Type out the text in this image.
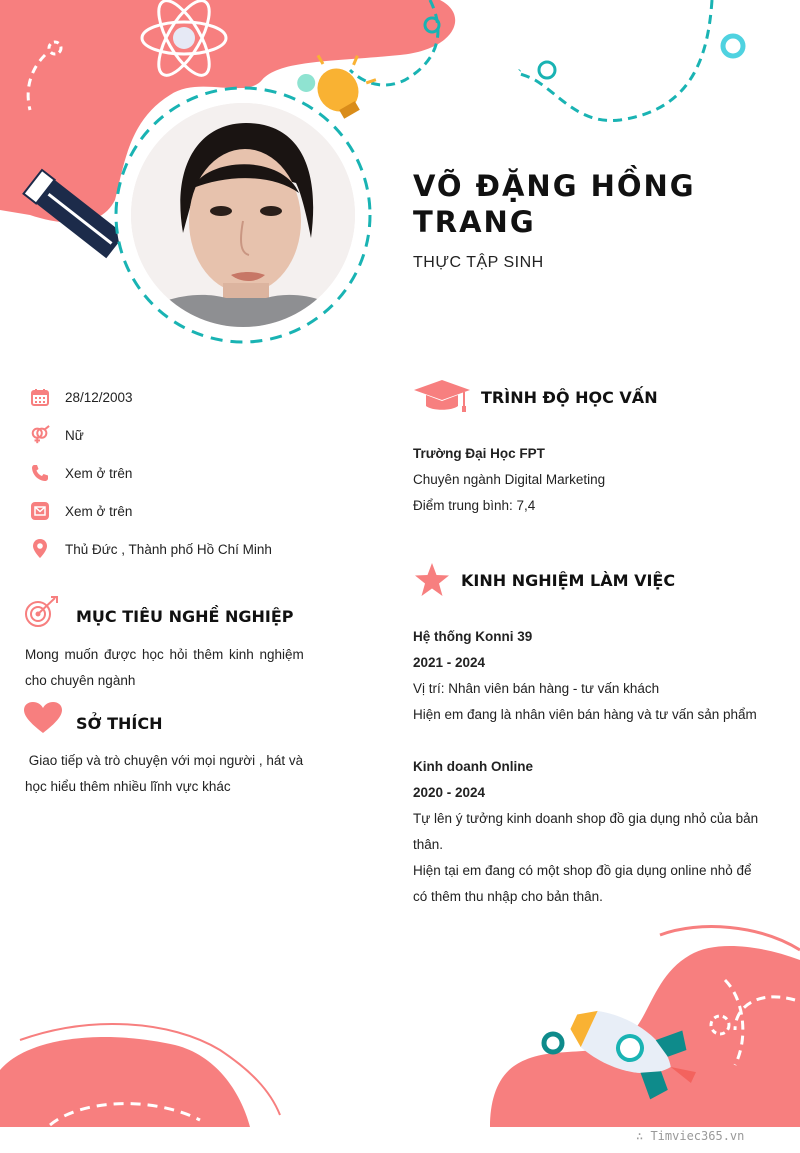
VÕ ĐẶNG HỒNG
TRANG
THỰC TẬP SINH
28/12/2003
Nữ
Xem ở trên
Xem ở trên
Thủ Đức , Thành phố Hồ Chí Minh
MỤC TIÊU NGHỀ NGHIỆP
Mong muốn được học hỏi thêm kinh nghiệm
cho chuyên ngành
SỞ THÍCH
Giao tiếp và trò chuyện với mọi người , hát và
học hiểu thêm nhiều lĩnh vực khác
TRÌNH ĐỘ HỌC VẤN
Trường Đại Học FPT
Chuyên ngành Digital Marketing
Điểm trung bình: 7,4
KINH NGHIỆM LÀM VIỆC
Hệ thống Konni 39
2021 - 2024
Vị trí: Nhân viên bán hàng - tư vấn khách
Hiện em đang là nhân viên bán hàng và tư vấn sản phẩm
Kinh doanh Online
2020 - 2024
Tự lên ý tưởng kinh doanh shop đồ gia dụng nhỏ của bản
thân.
Hiện tại em đang có một shop đồ gia dụng online nhỏ để
có thêm thu nhập cho bản thân.
∴ Timviec365.vn
